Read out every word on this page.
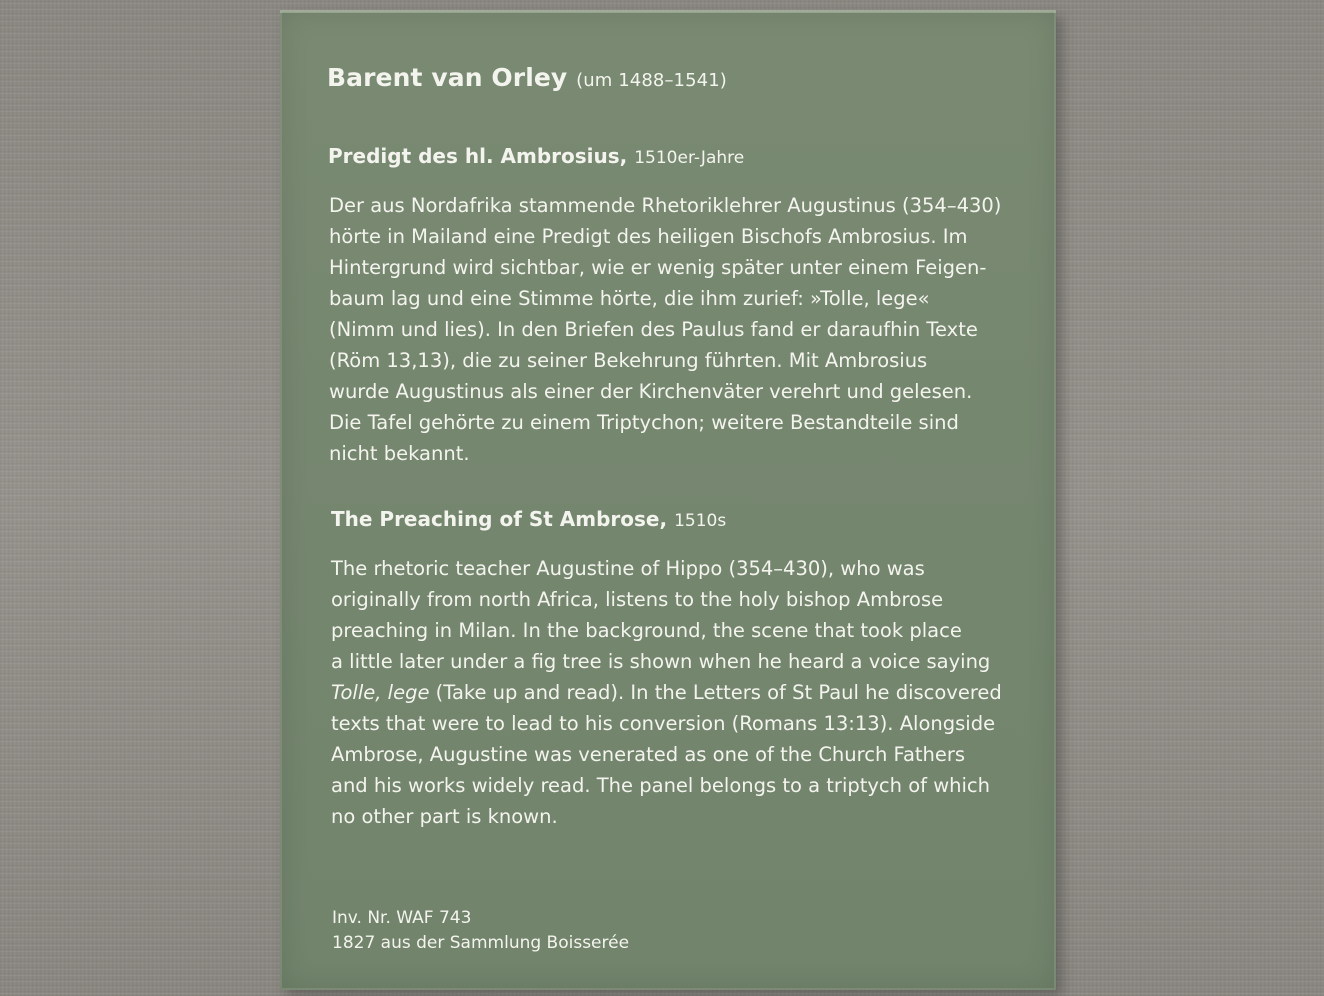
Barent van Orley (um 1488–1541)
Predigt des hl. Ambrosius, 1510er-Jahre

Der aus Nordafrika stammende Rhetoriklehrer Augustinus (354–430)
hörte in Mailand eine Predigt des heiligen Bischofs Ambrosius. Im
Hintergrund wird sichtbar, wie er wenig später unter einem Feigen-
baum lag und eine Stimme hörte, die ihm zurief: »Tolle, lege«
(Nimm und lies). In den Briefen des Paulus fand er daraufhin Texte
(Röm 13,13), die zu seiner Bekehrung führten. Mit Ambrosius
wurde Augustinus als einer der Kirchenväter verehrt und gelesen.
Die Tafel gehörte zu einem Triptychon; weitere Bestandteile sind
nicht bekannt.

The Preaching of St Ambrose, 1510s

The rhetoric teacher Augustine of Hippo (354–430), who was
originally from north Africa, listens to the holy bishop Ambrose
preaching in Milan. In the background, the scene that took place
a little later under a fig tree is shown when he heard a voice saying
Tolle, lege (Take up and read). In the Letters of St Paul he discovered
texts that were to lead to his conversion (Romans 13:13). Alongside
Ambrose, Augustine was venerated as one of the Church Fathers
and his works widely read. The panel belongs to a triptych of which
no other part is known.

Inv. Nr. WAF 743
1827 aus der Sammlung Boisserée
